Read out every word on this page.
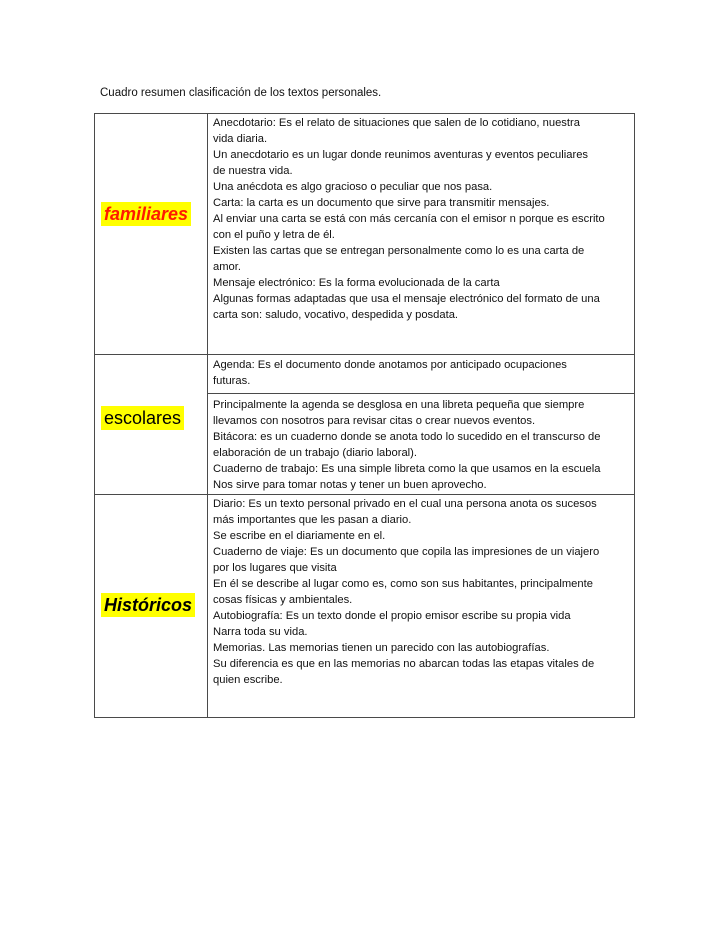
Cuadro resumen clasificación de los textos personales.
familiares
Anecdotario: Es el relato de situaciones que salen de lo cotidiano, nuestra
vida diaria.
Un anecdotario es un lugar donde reunimos aventuras y eventos peculiares
de nuestra vida.
Una anécdota es algo gracioso o peculiar que nos pasa.
Carta: la carta es un documento que sirve para transmitir mensajes.
Al enviar una carta se está con más cercanía con el emisor n porque es escrito
con el puño y letra de él.
Existen las cartas que se entregan personalmente como lo es una carta de
amor.
Mensaje electrónico: Es la forma evolucionada de la carta
Algunas formas adaptadas que usa el mensaje electrónico del formato de una
carta son: saludo, vocativo, despedida y posdata.
escolares
Agenda: Es el documento donde anotamos por anticipado ocupaciones
futuras.
Principalmente la agenda se desglosa en una libreta pequeña que siempre
llevamos con nosotros para revisar citas o crear nuevos eventos.
Bitácora: es un cuaderno donde se anota todo lo sucedido en el transcurso de
elaboración de un trabajo (diario laboral).
Cuaderno de trabajo: Es una simple libreta como la que usamos en la escuela
Nos sirve para tomar notas y tener un buen aprovecho.
Históricos
Diario: Es un texto personal privado en el cual una persona anota os sucesos
más importantes que les pasan a diario.
Se escribe en el diariamente en el.
Cuaderno de viaje: Es un documento que copila las impresiones de un viajero
por los lugares que visita
En él se describe al lugar como es, como son sus habitantes, principalmente
cosas físicas y ambientales.
Autobiografía: Es un texto donde el propio emisor escribe su propia vida
Narra toda su vida.
Memorias. Las memorias tienen un parecido con las autobiografías.
Su diferencia es que en las memorias no abarcan todas las etapas vitales de
quien escribe.
